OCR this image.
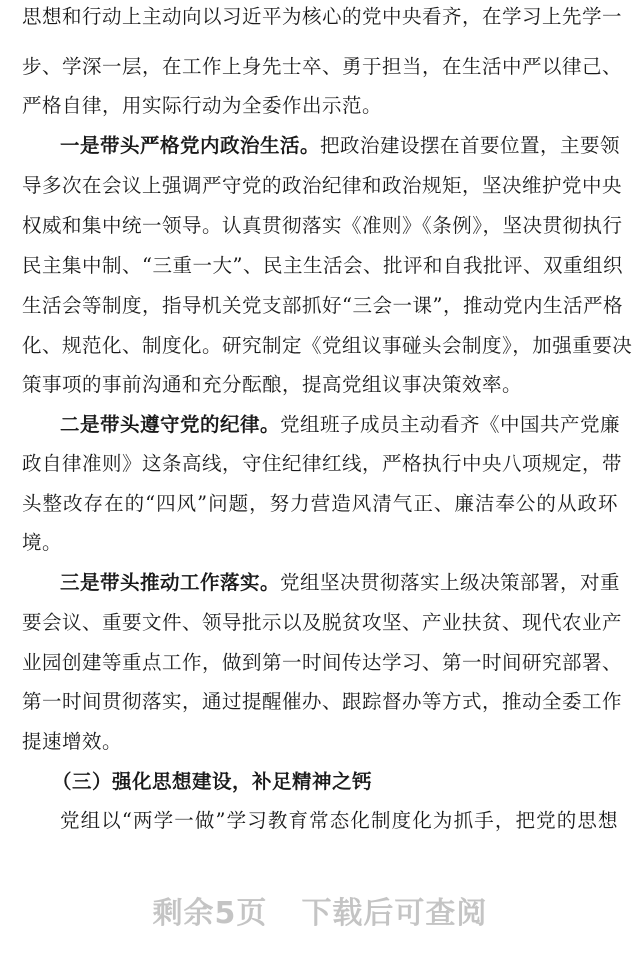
思想和行动上主动向以习近平为核心的党中央看齐，在学习上先学一
步、学深一层，在工作上身先士卒、勇于担当，在生活中严以律己、
严格自律，用实际行动为全委作出示范。
一是带头严格党内政治生活。把政治建设摆在首要位置，主要领
导多次在会议上强调严守党的政治纪律和政治规矩，坚决维护党中央
权威和集中统一领导。认真贯彻落实《准则》《条例》，坚决贯彻执行
民主集中制、“三重一大”、民主生活会、批评和自我批评、双重组织
生活会等制度，指导机关党支部抓好“三会一课”，推动党内生活严格
化、规范化、制度化。研究制定《党组议事碰头会制度》，加强重要决
策事项的事前沟通和充分酝酿，提高党组议事决策效率。
二是带头遵守党的纪律。党组班子成员主动看齐《中国共产党廉
政自律准则》这条高线，守住纪律红线，严格执行中央八项规定，带
头整改存在的“四风”问题，努力营造风清气正、廉洁奉公的从政环
境。
三是带头推动工作落实。党组坚决贯彻落实上级决策部署，对重
要会议、重要文件、领导批示以及脱贫攻坚、产业扶贫、现代农业产
业园创建等重点工作，做到第一时间传达学习、第一时间研究部署、
第一时间贯彻落实，通过提醒催办、跟踪督办等方式，推动全委工作
提速增效。
（三）强化思想建设，补足精神之钙
党组以“两学一做”学习教育常态化制度化为抓手，把党的思想
剩余5页 下载后可查阅
